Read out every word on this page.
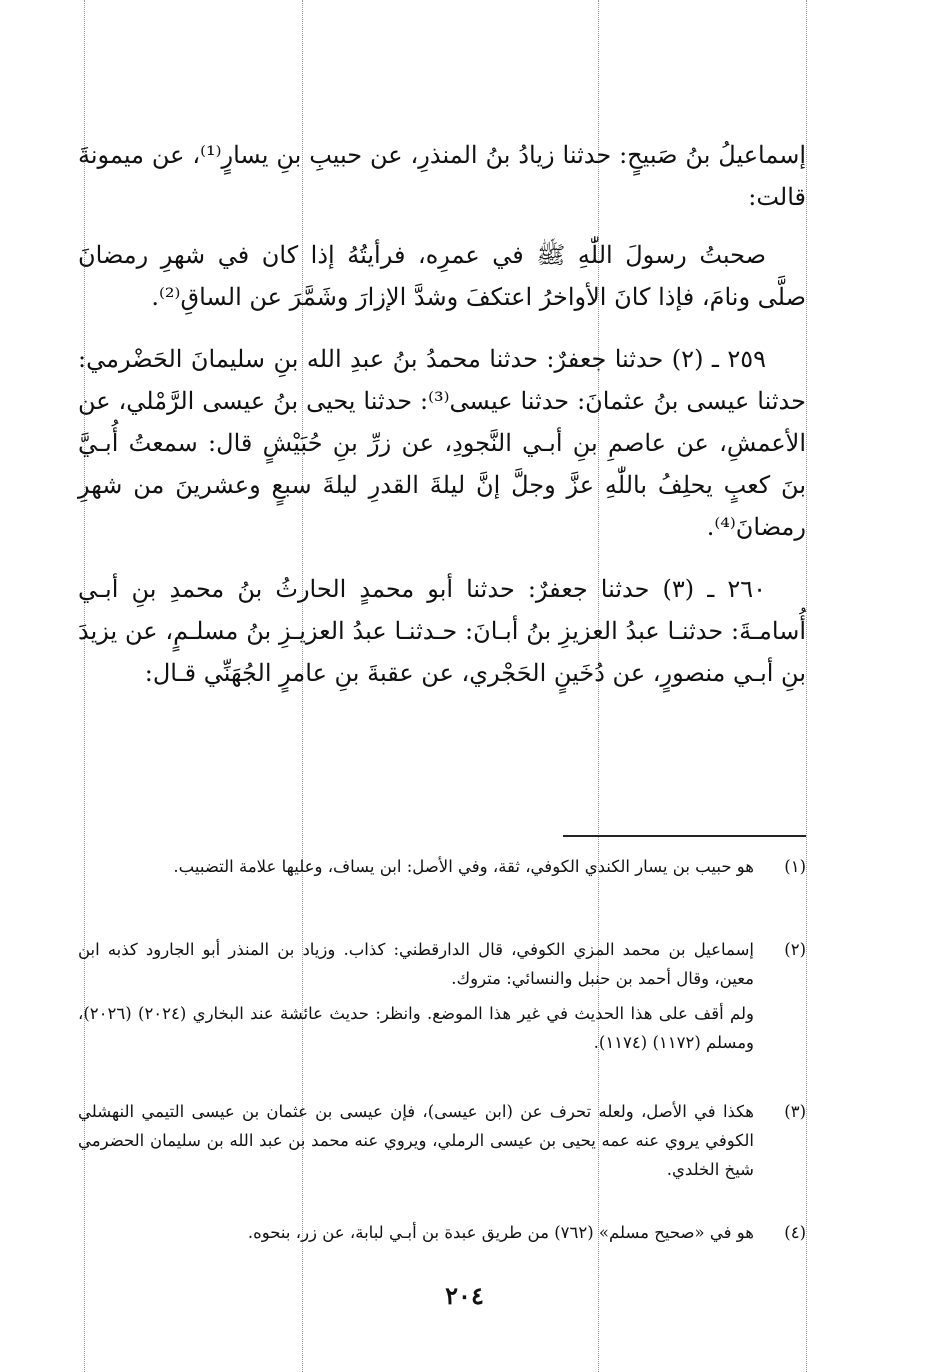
إسماعيلُ بنُ صَبيحٍ: حدثنا زيادُ بنُ المنذرِ، عن حبيبِ بنِ يسارٍ⁽¹⁾، عن ميمونةَ قالت:

صحبتُ رسولَ اللّٰهِ ﷺ في عمرِه، فرأيتُهُ إذا كان في شهرِ رمضانَ صلَّى ونامَ، فإذا كانَ الأواخرُ اعتكفَ وشدَّ الإزارَ وشَمَّرَ عن الساقِ⁽²⁾.

٢٥٩ ـ (٢) حدثنا جعفرٌ: حدثنا محمدُ بنُ عبدِ الله بنِ سليمانَ الحَضْرمي: حدثنا عيسى بنُ عثمانَ: حدثنا عيسى⁽³⁾: حدثنا يحيى بنُ عيسى الرَّمْلي، عن الأعمشِ، عن عاصمِ بنِ أبـي النَّجودِ، عن زرِّ بنِ حُبَيْشٍ قال: سمعتُ أُبـيَّ بنَ كعبٍ يحلِفُ باللّٰهِ عزَّ وجلَّ إنَّ ليلةَ القدرِ ليلةَ سبعٍ وعشرينَ من شهرِ رمضانَ⁽⁴⁾.

٢٦٠ ـ (٣) حدثنا جعفرٌ: حدثنا أبو محمدٍ الحارثُ بنُ محمدِ بنِ أبـي أُسامـةَ: حدثنـا عبدُ العزيزِ بنُ أبـانَ: حـدثنـا عبدُ العزيـزِ بنُ مسلـمٍ، عن يزيدَ بنِ أبـي منصورٍ، عن دُخَينٍ الحَجْري، عن عقبةَ بنِ عامرٍ الجُهَنِّي قـال:

(١)
هو حبيب بن يسار الكندي الكوفي، ثقة، وفي الأصل: ابن يساف، وعليها علامة التضبيب.
(٢)
إسماعيل بن محمد المزي الكوفي، قال الدارقطني: كذاب. وزياد بن المنذر أبو الجارود كذبه ابن معين، وقال أحمد بن حنبل والنسائي: متروك.
ولم أقف على هذا الحديث في غير هذا الموضع. وانظر: حديث عائشة عند البخاري (٢٠٢٤) (٢٠٢٦)، ومسلم (١١٧٢) (١١٧٤).
(٣)
هكذا في الأصل، ولعله تحرف عن (ابن عيسى)، فإن عيسى بن عثمان بن عيسى التيمي النهشلي الكوفي يروي عنه عمه يحيى بن عيسى الرملي، ويروي عنه محمد بن عبد الله بن سليمان الحضرمي شيخ الخلدي.
(٤)
هو في «صحيح مسلم» (٧٦٢) من طريق عبدة بن أبـي لبابة، عن زر، بنحوه.
٢٠٤
